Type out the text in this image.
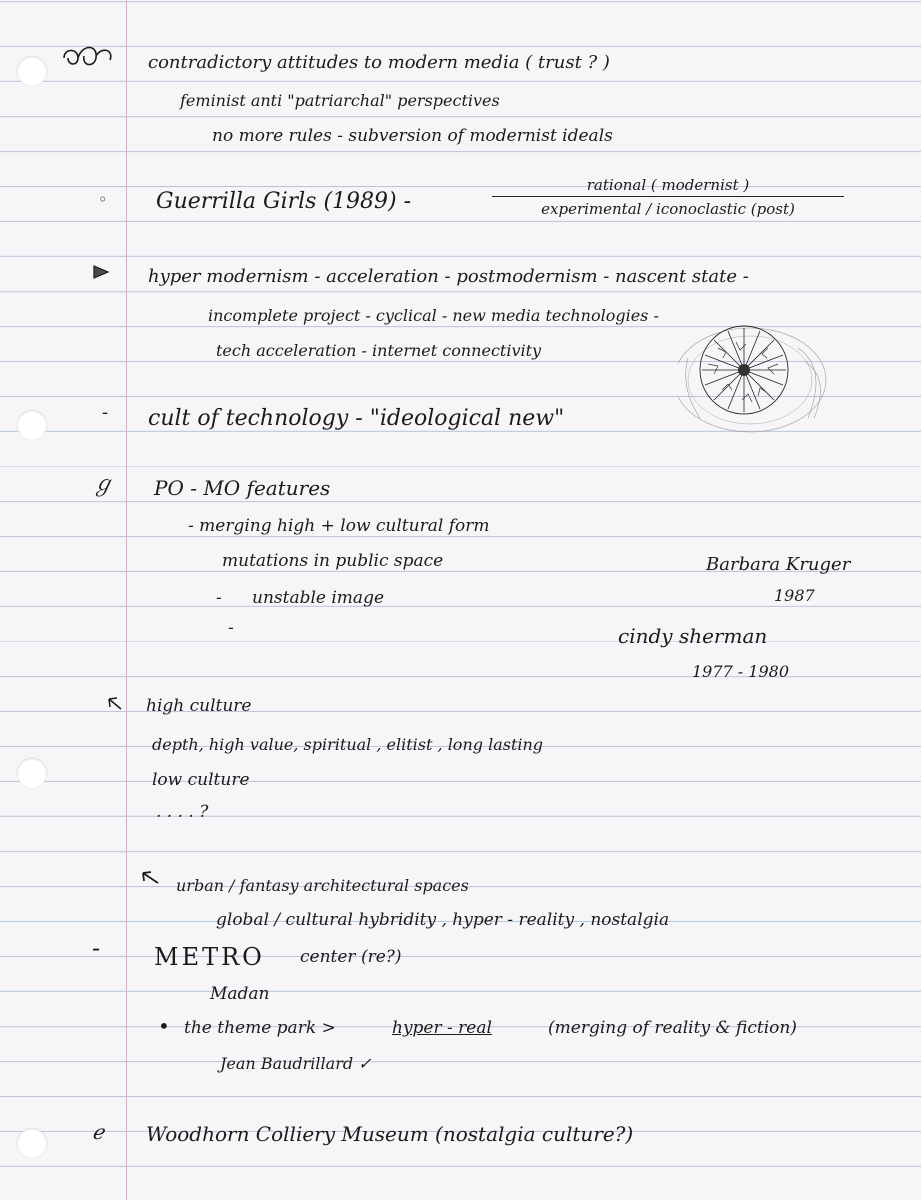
◦
-
ℊ
-
•
ℯ
contradictory attitudes to modern media ( trust ? )
feminist anti "patriarchal" perspectives
no more rules - subversion of modernist ideals
Guerrilla Girls (1989) -
rational ( modernist )
experimental / iconoclastic (post)
hyper modernism - acceleration - postmodernism - nascent state -
incomplete project - cyclical - new media technologies -
tech acceleration - internet connectivity
cult of technology - "ideological new"
PO - MO features
- merging high + low cultural form
mutations in public space
- unstable image
-
Barbara Kruger
1987
cindy sherman
1977 - 1980
high culture
depth, high value, spiritual , elitist , long lasting
low culture
. . . . ?
urban / fantasy architectural spaces
global / cultural hybridity , hyper - reality , nostalgia
METRO center (re?)
Madan
the theme park >	hyper - real	(merging of reality & fiction)
Jean Baudrillard ✓
Woodhorn Colliery Museum (nostalgia culture?)
